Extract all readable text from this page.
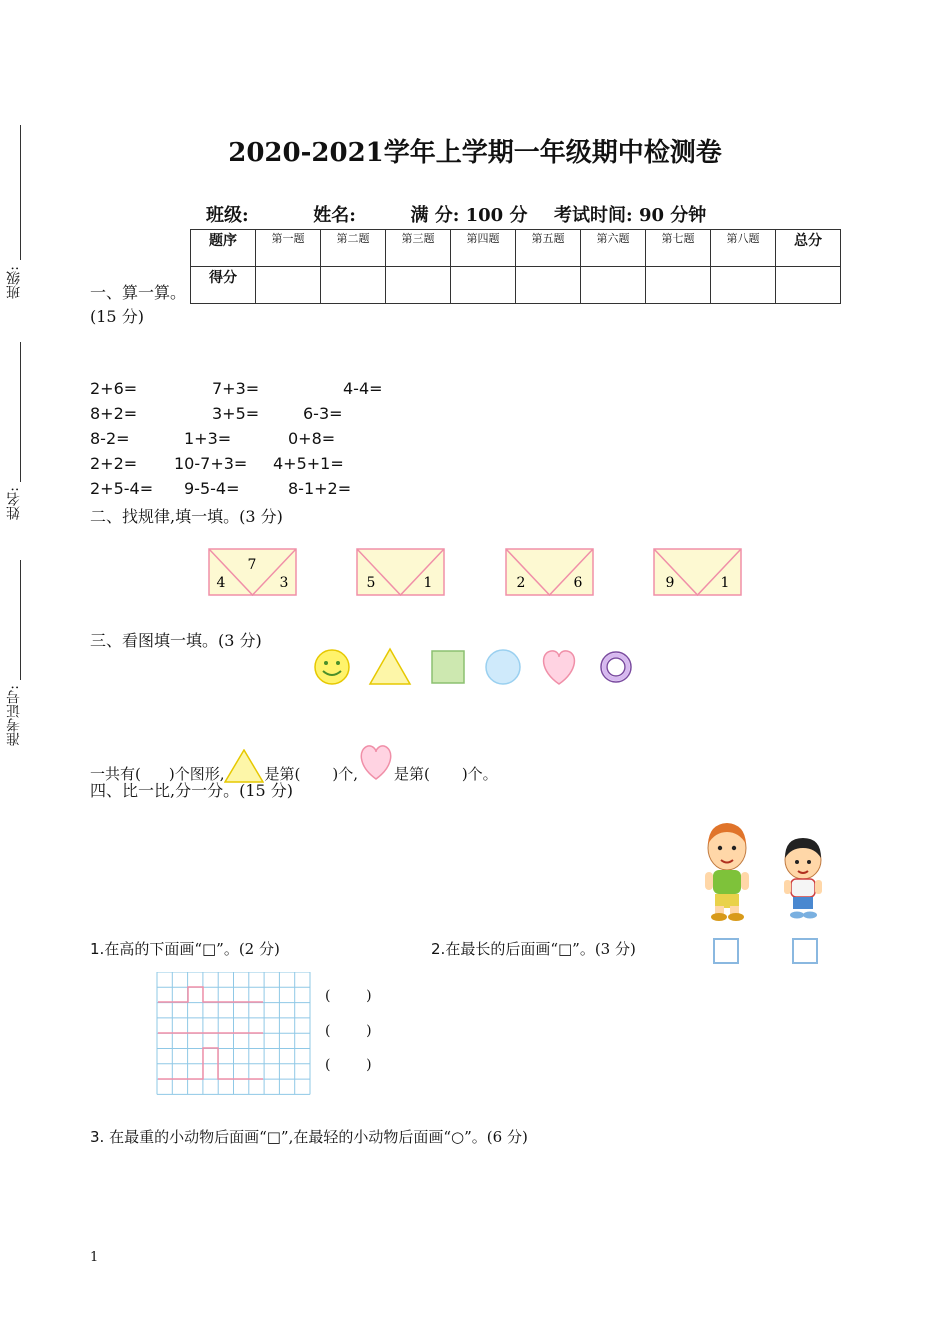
班级:
姓名:
准考证号:
2020-2021学年上学期一年级期中检测卷
班级:	姓名:	满 分: 100 分 考试时间: 90 分钟
题序	第一题	第二题	第三题	第四题	第五题	第六题	第七题	第八题	总分
得分									
一、算一算。
(15 分)
2+6=	7+3=	4-4=
8+2=	3+5=	6-3=
8-2=	1+3=	0+8=
2+2= 10-7+3= 4+5+1=
2+5-4= 9-5-4=	8-1+2=
二、找规律,填一填。(3 分)
7
4	3	5	1	2	6	9	1
三、看图填一填。(3 分)
一共有( )个图形,	是第( )个, 是第( )个。
四、比一比,分一分。(15 分)
1.在高的下面画“□”。(2 分)	2.在最长的后面画“□”。(3 分)
(        )
(        )
(        )
3. 在最重的小动物后面画“□”,在最轻的小动物后面画“○”。(6 分)
1
